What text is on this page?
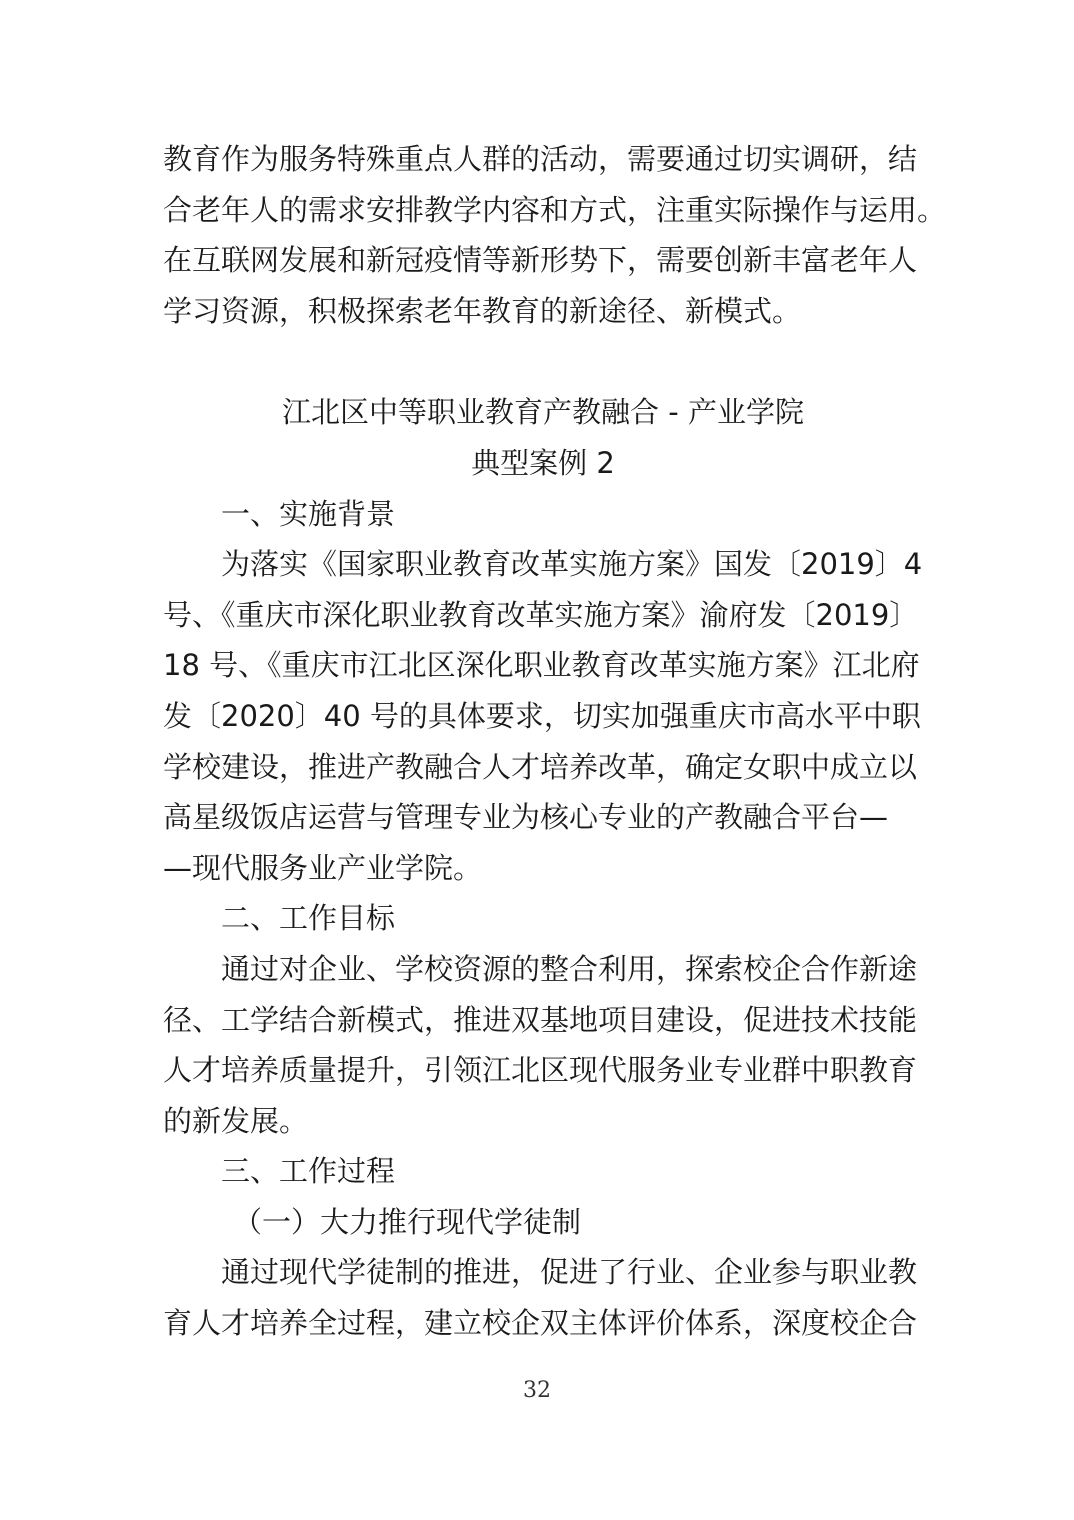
教育作为服务特殊重点人群的活动，需要通过切实调研，结
合老年人的需求安排教学内容和方式，注重实际操作与运用。
在互联网发展和新冠疫情等新形势下，需要创新丰富老年人
学习资源，积极探索老年教育的新途径、新模式。
江北区中等职业教育产教融合 - 产业学院
典型案例 2
一、实施背景
为落实《国家职业教育改革实施方案》国发〔2019〕4
号、《重庆市深化职业教育改革实施方案》渝府发〔2019〕
18 号、《重庆市江北区深化职业教育改革实施方案》江北府
发〔2020〕40 号的具体要求，切实加强重庆市高水平中职
学校建设，推进产教融合人才培养改革，确定女职中成立以
高星级饭店运营与管理专业为核心专业的产教融合平台—
—现代服务业产业学院。
二、工作目标
通过对企业、学校资源的整合利用，探索校企合作新途
径、工学结合新模式，推进双基地项目建设，促进技术技能
人才培养质量提升，引领江北区现代服务业专业群中职教育
的新发展。
三、工作过程
（一）大力推行现代学徒制
通过现代学徒制的推进，促进了行业、企业参与职业教
育人才培养全过程，建立校企双主体评价体系，深度校企合
32
